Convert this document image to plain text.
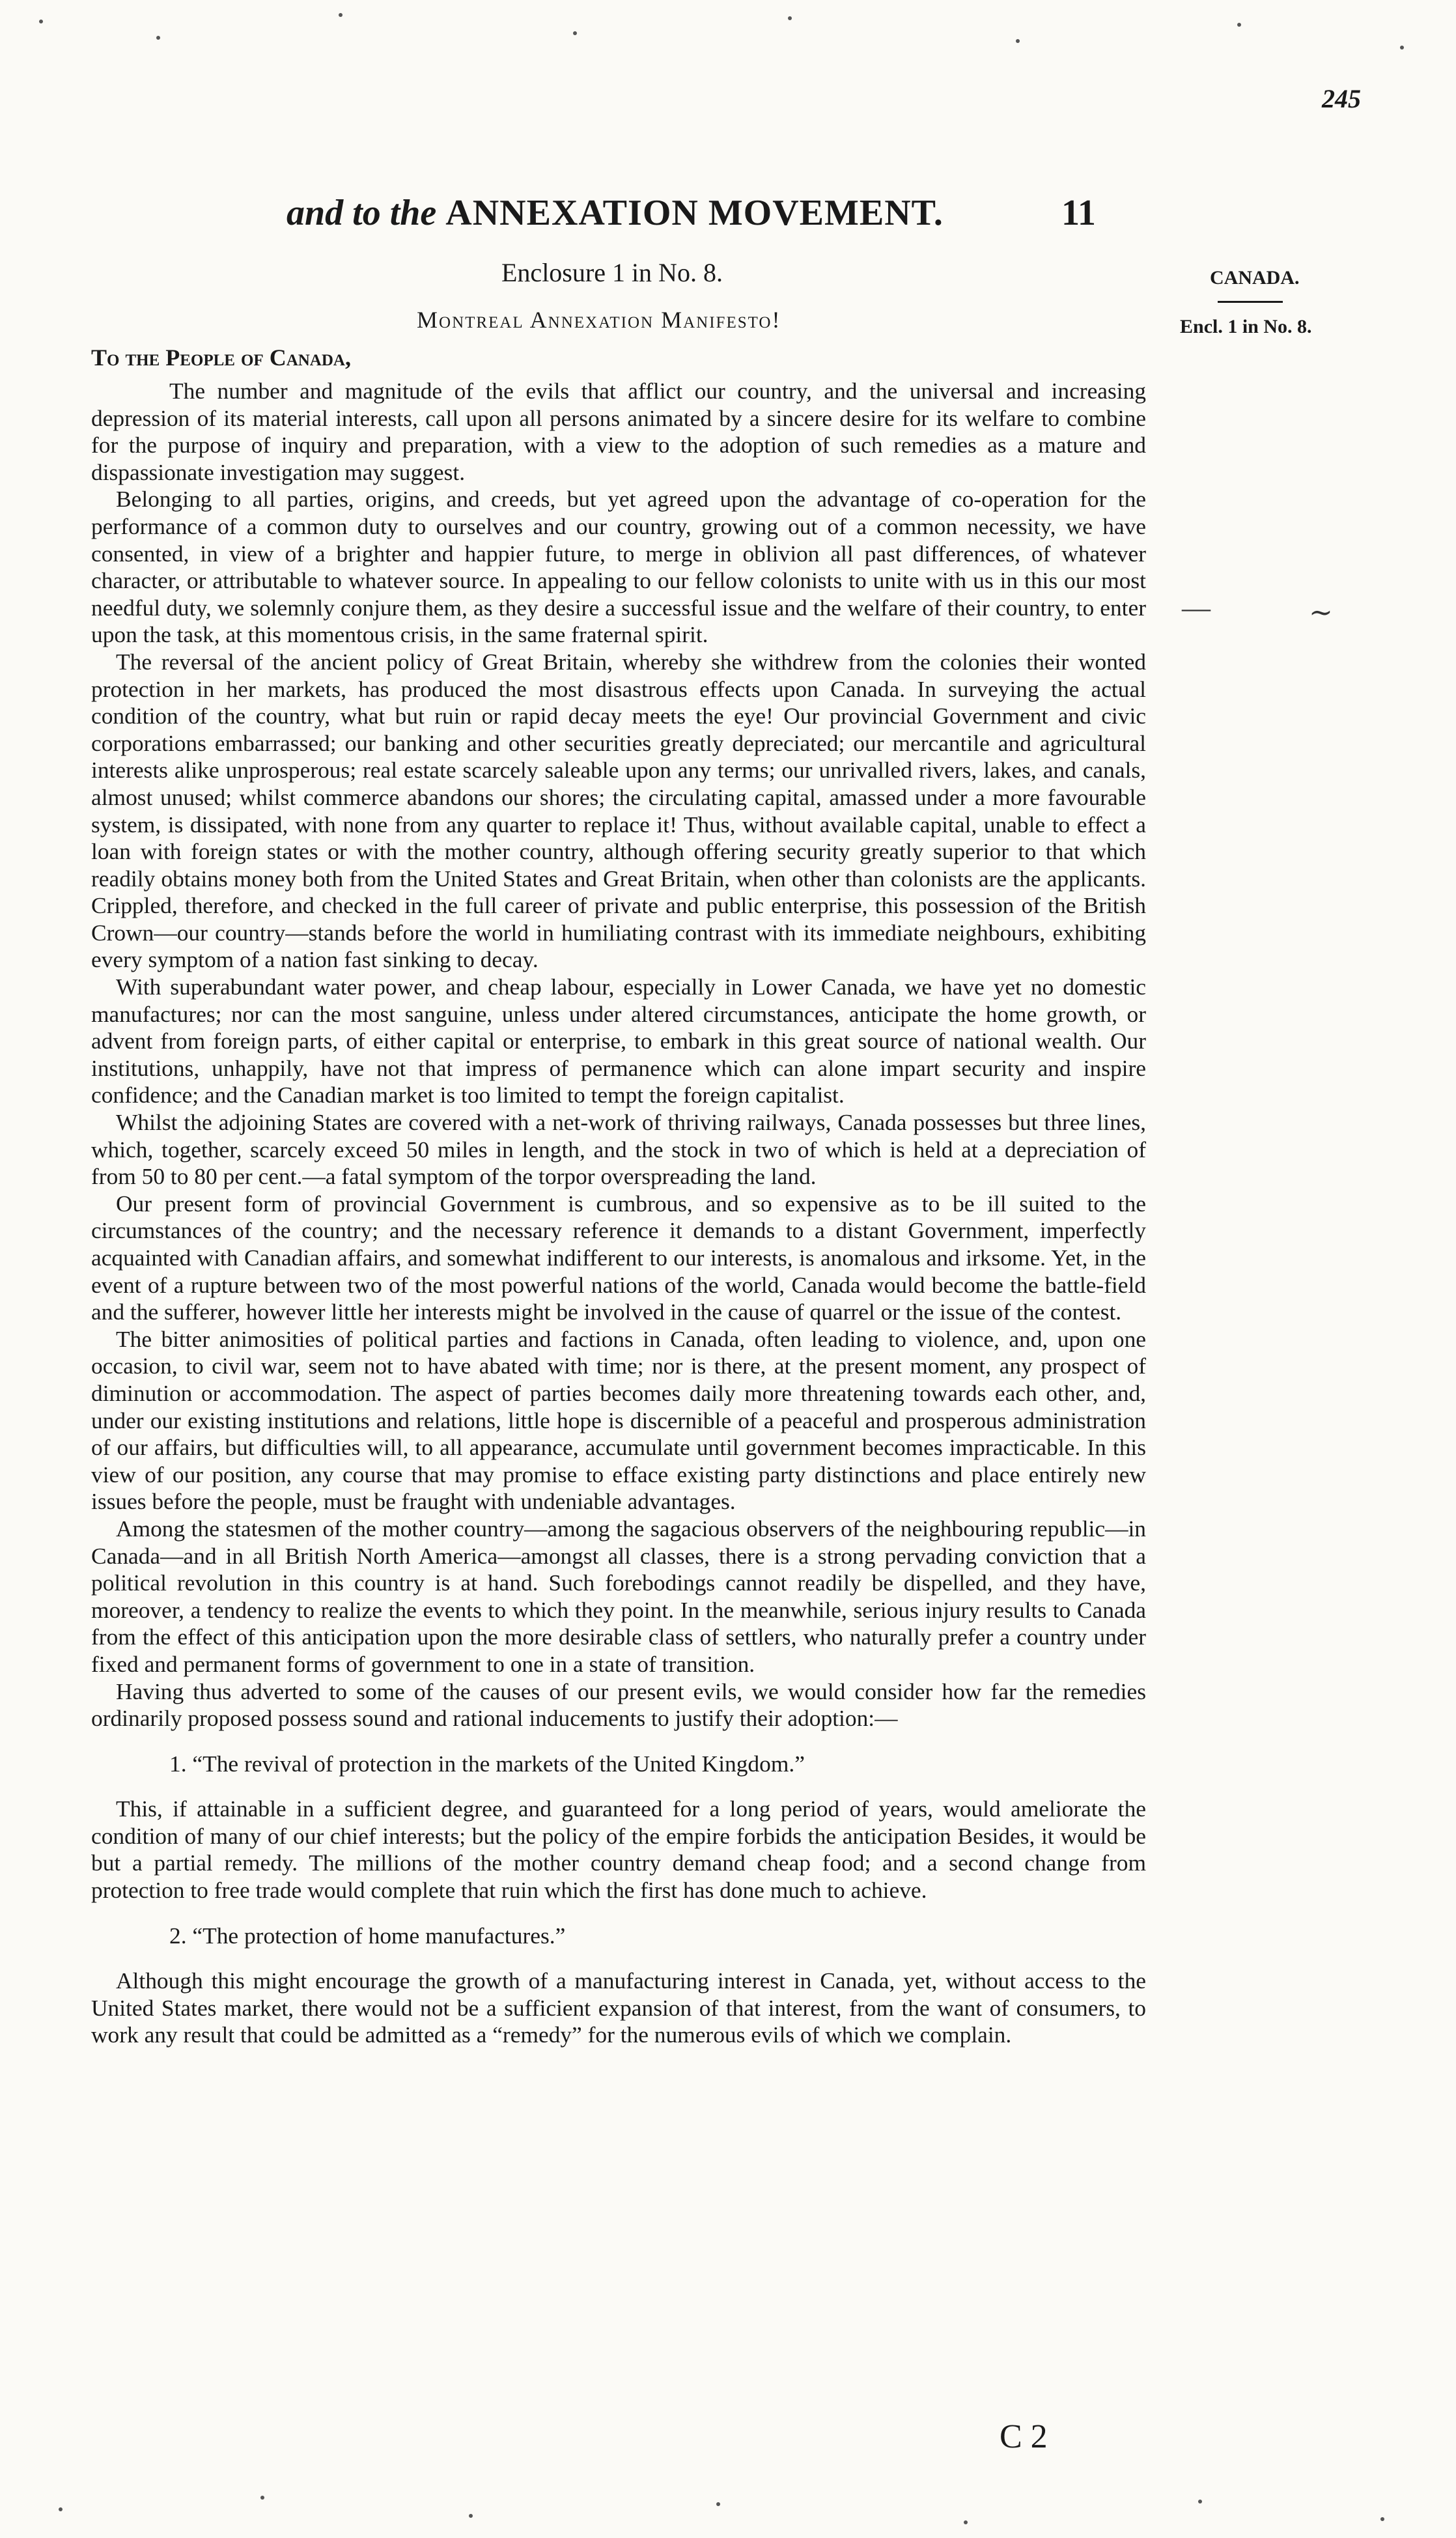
245
and to the ANNEXATION MOVEMENT.	11
Enclosure 1 in No. 8.
Montreal Annexation Manifesto!
CANADA.
Encl. 1 in No. 8.
To the People of Canada,

The number and magnitude of the evils that afflict our country, and the universal and increasing depression of its material interests, call upon all persons animated by a sincere desire for its welfare to combine for the purpose of inquiry and preparation, with a view to the adoption of such remedies as a mature and dispassionate investigation may suggest.

Belonging to all parties, origins, and creeds, but yet agreed upon the advantage of co-operation for the performance of a common duty to ourselves and our country, growing out of a common necessity, we have consented, in view of a brighter and happier future, to merge in oblivion all past differences, of whatever character, or attributable to whatever source. In appealing to our fellow colonists to unite with us in this our most needful duty, we solemnly conjure them, as they desire a successful issue and the welfare of their country, to enter upon the task, at this momentous crisis, in the same fraternal spirit.

The reversal of the ancient policy of Great Britain, whereby she withdrew from the colonies their wonted protection in her markets, has produced the most disastrous effects upon Canada. In surveying the actual condition of the country, what but ruin or rapid decay meets the eye! Our provincial Government and civic corporations embarrassed; our banking and other securities greatly depreciated; our mercantile and agricultural interests alike unprosperous; real estate scarcely saleable upon any terms; our unrivalled rivers, lakes, and canals, almost unused; whilst commerce abandons our shores; the circulating capital, amassed under a more favourable system, is dissipated, with none from any quarter to replace it! Thus, without available capital, unable to effect a loan with foreign states or with the mother country, although offering security greatly superior to that which readily obtains money both from the United States and Great Britain, when other than colonists are the applicants. Crippled, therefore, and checked in the full career of private and public enterprise, this possession of the British Crown—our country—stands before the world in humiliating contrast with its immediate neighbours, exhibiting every symptom of a nation fast sinking to decay.

With superabundant water power, and cheap labour, especially in Lower Canada, we have yet no domestic manufactures; nor can the most sanguine, unless under altered circumstances, anticipate the home growth, or advent from foreign parts, of either capital or enterprise, to embark in this great source of national wealth. Our institutions, unhappily, have not that impress of permanence which can alone impart security and inspire confidence; and the Canadian market is too limited to tempt the foreign capitalist.

Whilst the adjoining States are covered with a net-work of thriving railways, Canada possesses but three lines, which, together, scarcely exceed 50 miles in length, and the stock in two of which is held at a depreciation of from 50 to 80 per cent.—a fatal symptom of the torpor overspreading the land.

Our present form of provincial Government is cumbrous, and so expensive as to be ill suited to the circumstances of the country; and the necessary reference it demands to a distant Government, imperfectly acquainted with Canadian affairs, and somewhat indifferent to our interests, is anomalous and irksome. Yet, in the event of a rupture between two of the most powerful nations of the world, Canada would become the battle-field and the sufferer, however little her interests might be involved in the cause of quarrel or the issue of the contest.

The bitter animosities of political parties and factions in Canada, often leading to violence, and, upon one occasion, to civil war, seem not to have abated with time; nor is there, at the present moment, any prospect of diminution or accommodation. The aspect of parties becomes daily more threatening towards each other, and, under our existing institutions and relations, little hope is discernible of a peaceful and prosperous administration of our affairs, but difficulties will, to all appearance, accumulate until government becomes impracticable. In this view of our position, any course that may promise to efface existing party distinctions and place entirely new issues before the people, must be fraught with undeniable advantages.

Among the statesmen of the mother country—among the sagacious observers of the neighbouring republic—in Canada—and in all British North America—amongst all classes, there is a strong pervading conviction that a political revolution in this country is at hand. Such forebodings cannot readily be dispelled, and they have, moreover, a tendency to realize the events to which they point. In the meanwhile, serious injury results to Canada from the effect of this anticipation upon the more desirable class of settlers, who naturally prefer a country under fixed and permanent forms of government to one in a state of transition.

Having thus adverted to some of the causes of our present evils, we would consider how far the remedies ordinarily proposed possess sound and rational inducements to justify their adoption:—

1. “The revival of protection in the markets of the United Kingdom.”

This, if attainable in a sufficient degree, and guaranteed for a long period of years, would ameliorate the condition of many of our chief interests; but the policy of the empire forbids the anticipation Besides, it would be but a partial remedy. The millions of the mother country demand cheap food; and a second change from protection to free trade would complete that ruin which the first has done much to achieve.

2. “The protection of home manufactures.”

Although this might encourage the growth of a manufacturing interest in Canada, yet, without access to the United States market, there would not be a sufficient expansion of that interest, from the want of consumers, to work any result that could be admitted as a “remedy” for the numerous evils of which we complain.

—	∼
C 2
